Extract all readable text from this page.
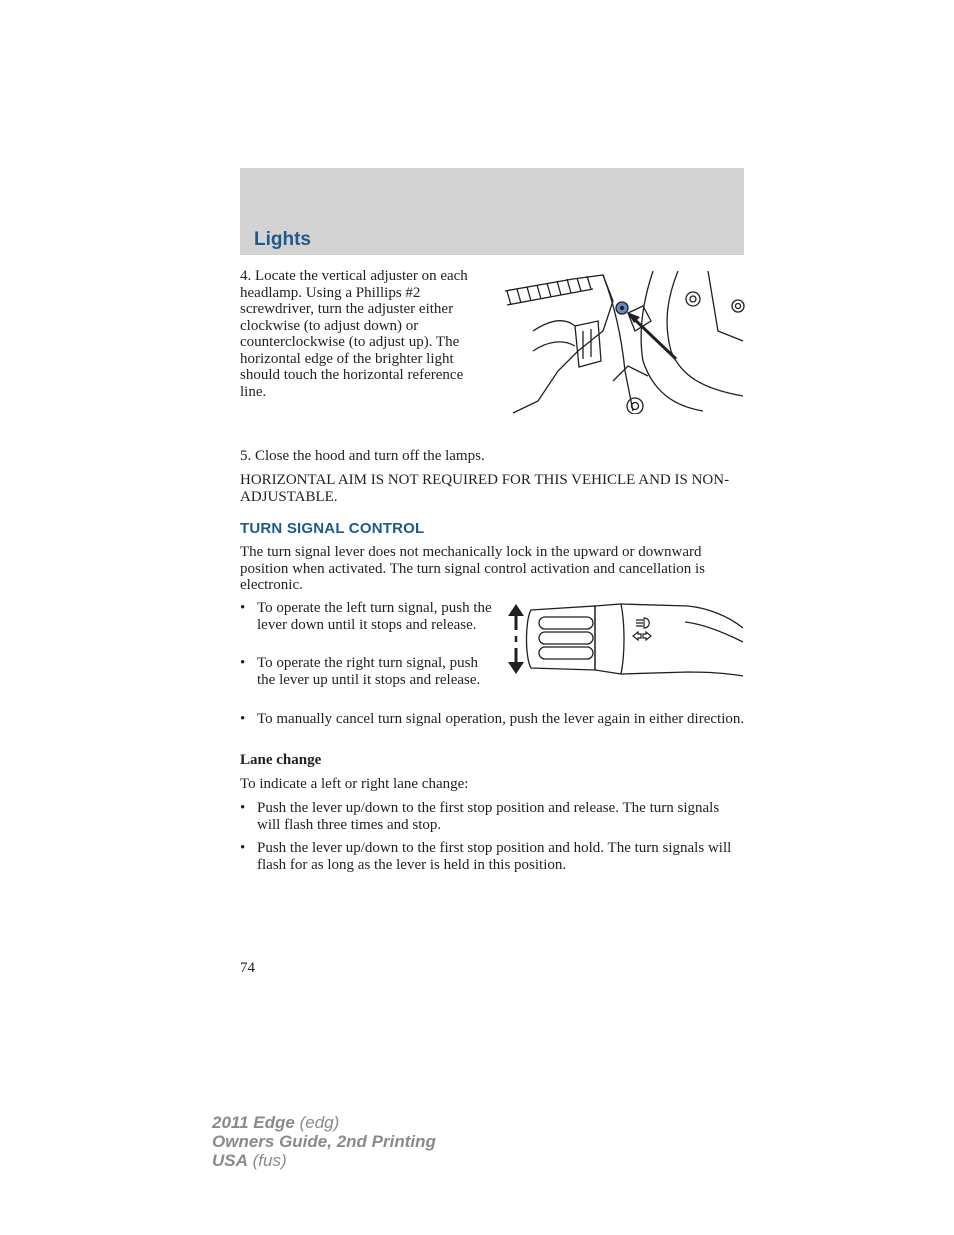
Lights

4. Locate the vertical adjuster on each headlamp. Using a Phillips #2 screwdriver, turn the adjuster either clockwise (to adjust down) or counterclockwise (to adjust up). The horizontal edge of the brighter light should touch the horizontal reference line.

5. Close the hood and turn off the lamps.

HORIZONTAL AIM IS NOT REQUIRED FOR THIS VEHICLE AND IS NON-ADJUSTABLE.

TURN SIGNAL CONTROL

The turn signal lever does not mechanically lock in the upward or downward position when activated. The turn signal control activation and cancellation is electronic.

• To operate the left turn signal, push the lever down until it stops and release.
• To operate the right turn signal, push the lever up until it stops and release.
• To manually cancel turn signal operation, push the lever again in either direction.

Lane change

To indicate a left or right lane change:

• Push the lever up/down to the first stop position and release. The turn signals will flash three times and stop.
• Push the lever up/down to the first stop position and hold. The turn signals will flash for as long as the lever is held in this position.
74
2011 Edge (edg)
Owners Guide, 2nd Printing
USA (fus)
